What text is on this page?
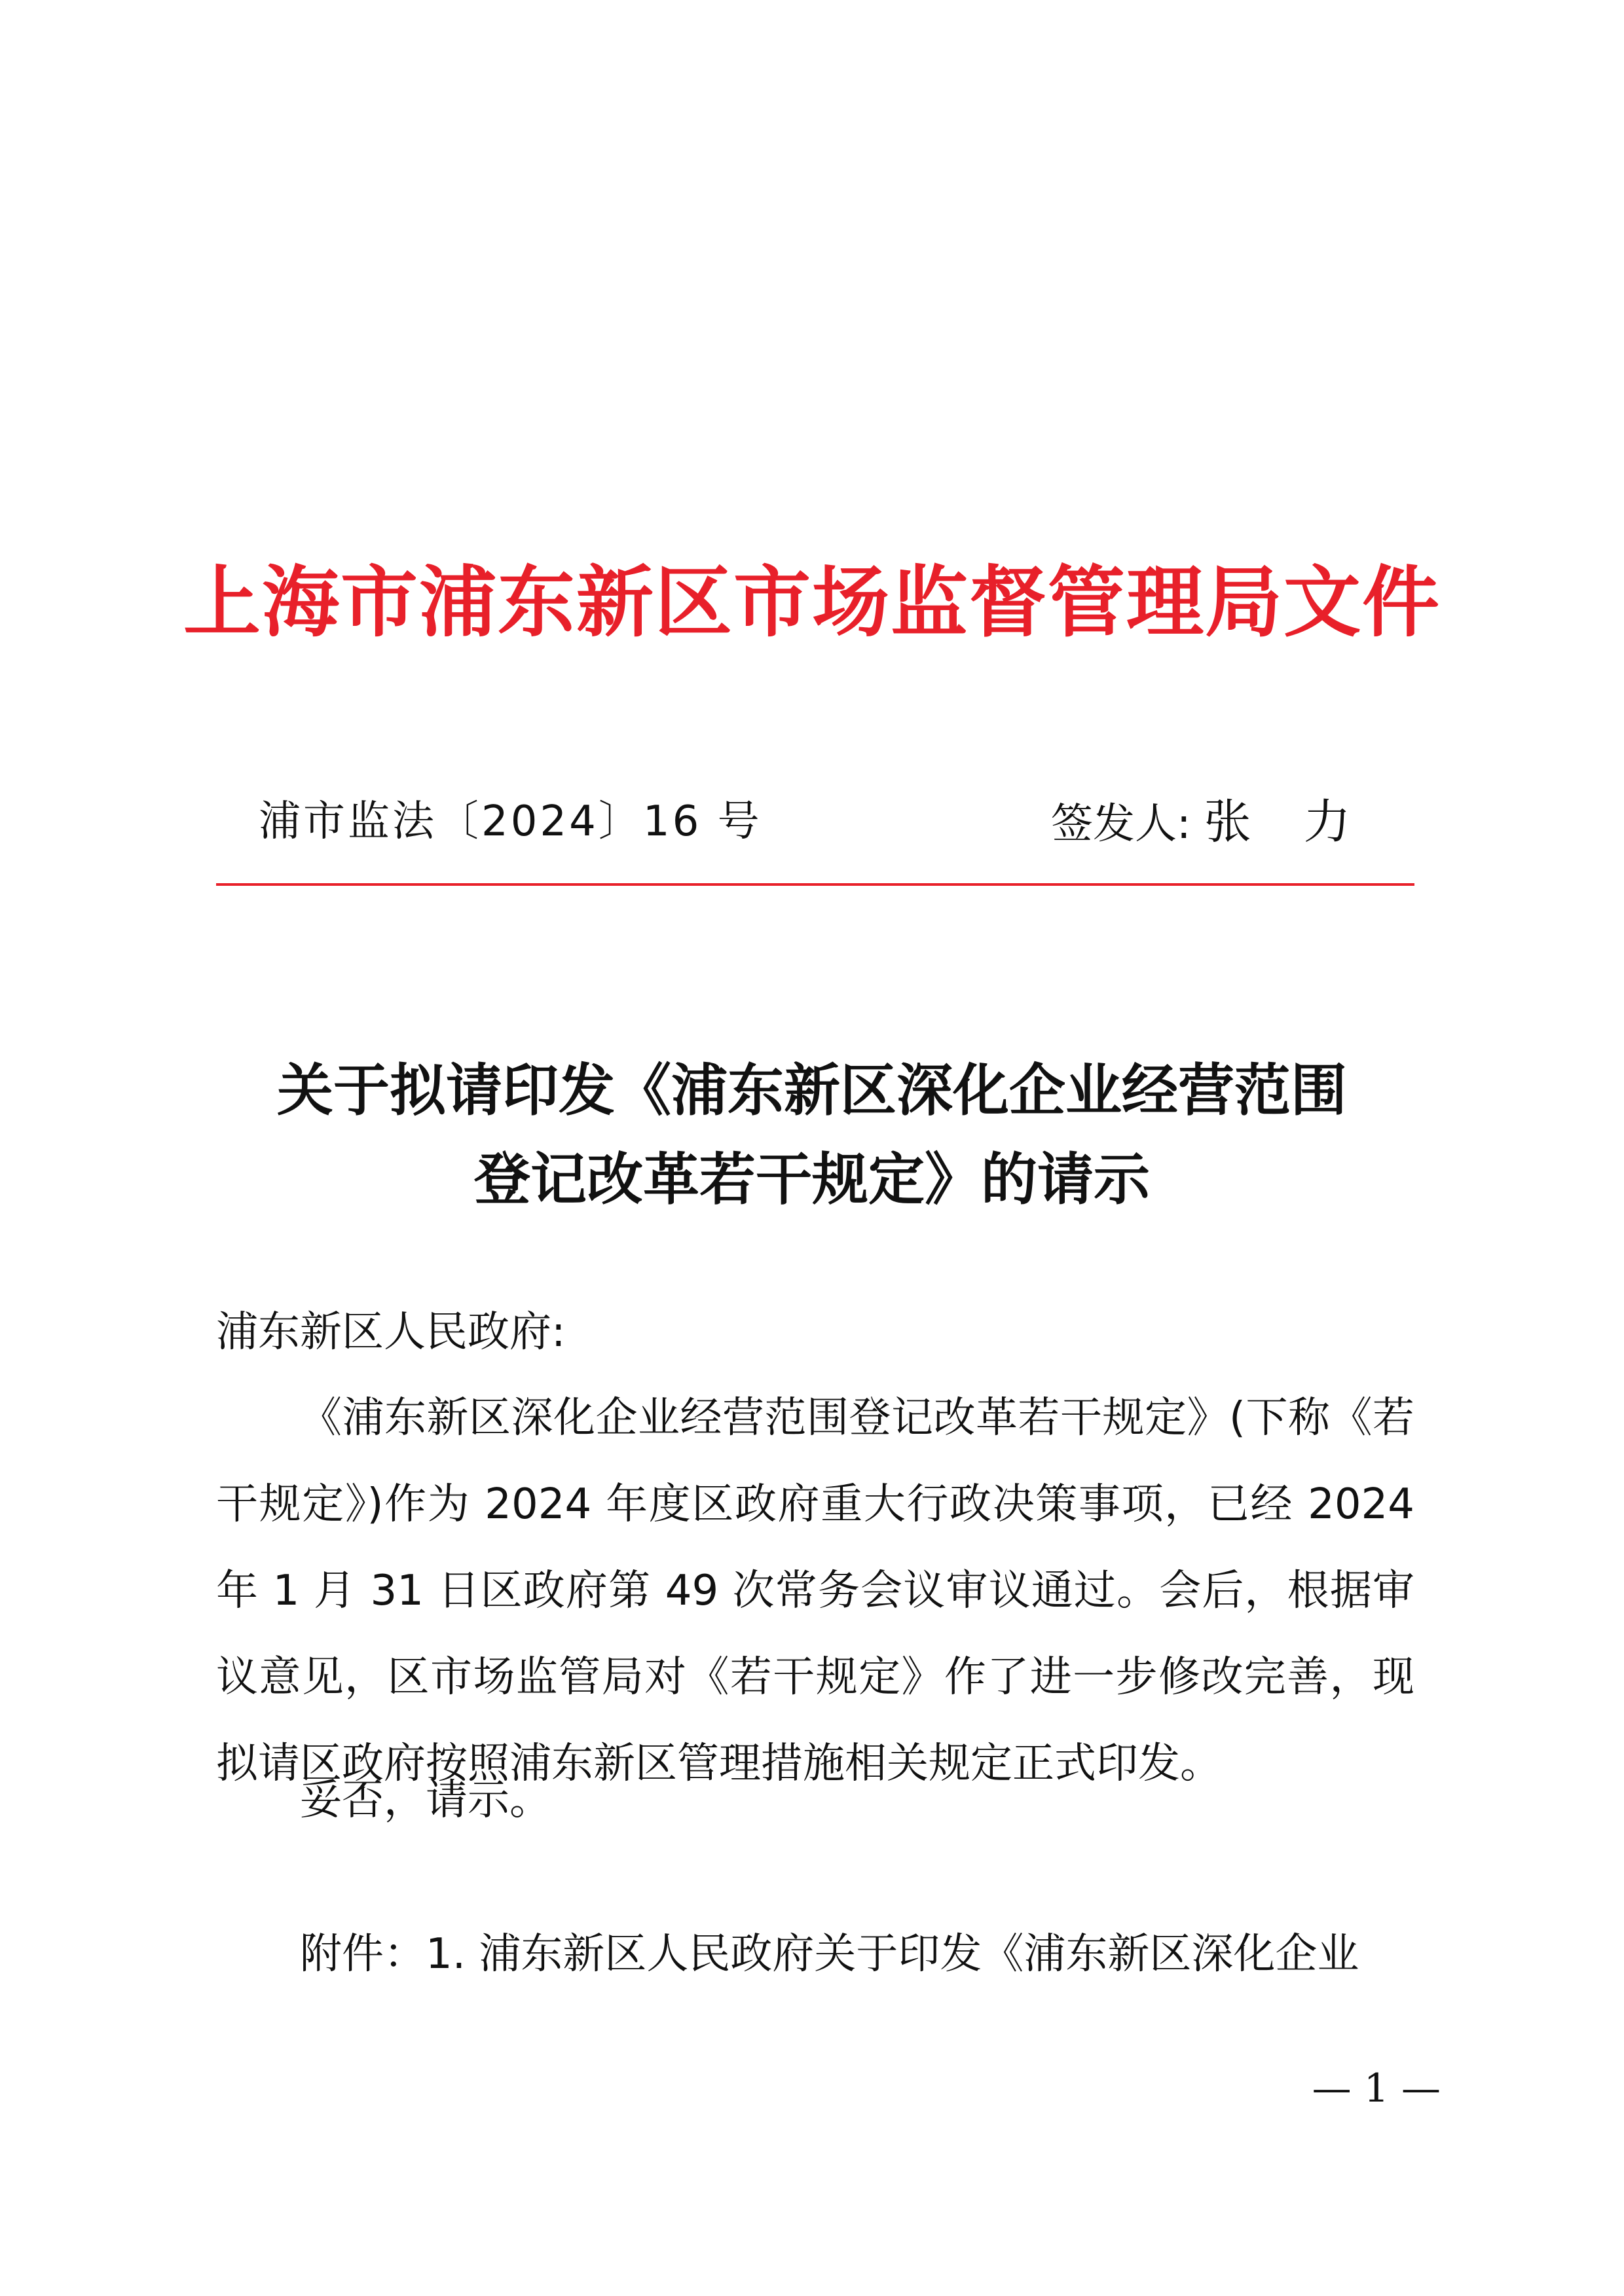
上海市浦东新区市场监督管理局文件
浦市监法〔2024〕16 号	签发人: 张力
关于拟请印发《浦东新区深化企业经营范围
登记改革若干规定》的请示
浦东新区人民政府:
《浦东新区深化企业经营范围登记改革若干规定》(下称《若干规定》)作为 2024 年度区政府重大行政决策事项，已经 2024 年 1 月 31 日区政府第 49 次常务会议审议通过。会后，根据审议意见，区市场监管局对《若干规定》作了进一步修改完善，现拟请区政府按照浦东新区管理措施相关规定正式印发。
妥否，请示。
附件：1. 浦东新区人民政府关于印发《浦东新区深化企业
— 1 —
